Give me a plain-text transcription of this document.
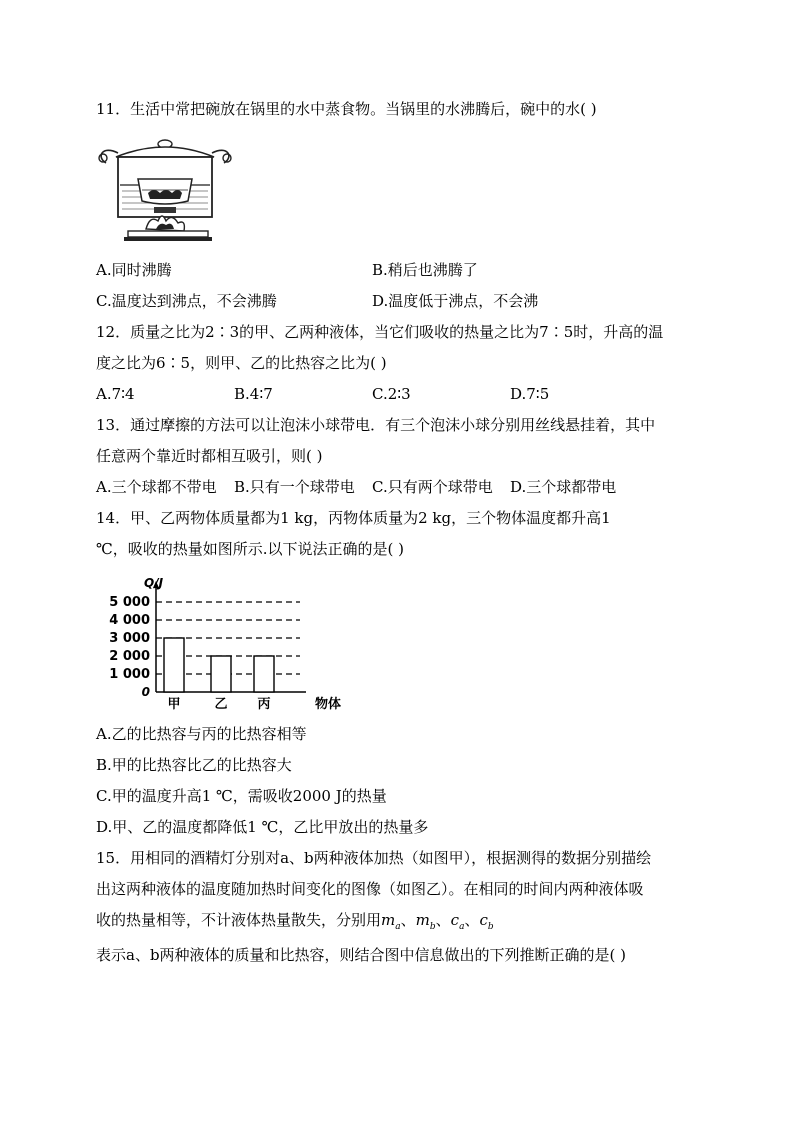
11．生活中常把碗放在锅里的水中蒸食物。当锅里的水沸腾后，碗中的水( )
A.同时沸腾	B.稍后也沸腾了
C.温度达到沸点，不会沸腾	D.温度低于沸点，不会沸
12．质量之比为2∶3的甲、乙两种液体，当它们吸收的热量之比为7∶5时，升高的温
度之比为6∶5，则甲、乙的比热容之比为( )
A.7∶4	B.4∶7	C.2∶3	D.7∶5
13．通过摩擦的方法可以让泡沫小球带电．有三个泡沫小球分别用丝线悬挂着，其中
任意两个靠近时都相互吸引，则( )
A.三个球都不带电 B.只有一个球带电 C.只有两个球带电 D.三个球都带电
14．甲、乙两物体质量都为1 kg，丙物体质量为2 kg，三个物体温度都升高1
℃，吸收的热量如图所示.以下说法正确的是( )
Q/J
0
1 000
2 000
3 000
4 000
5 000
甲	乙 丙	物体
A.乙的比热容与丙的比热容相等
B.甲的比热容比乙的比热容大
C.甲的温度升高1 ℃，需吸收2000 J的热量
D.甲、乙的温度都降低1 ℃，乙比甲放出的热量多
15．用相同的酒精灯分别对a、b两种液体加热（如图甲），根据测得的数据分别描绘
出这两种液体的温度随加热时间变化的图像（如图乙）。在相同的时间内两种液体吸
收的热量相等，不计液体热量散失，分别用$m_a$、$m_b$、$c_a$、$c_b$
表示a、b两种液体的质量和比热容，则结合图中信息做出的下列推断正确的是( )
